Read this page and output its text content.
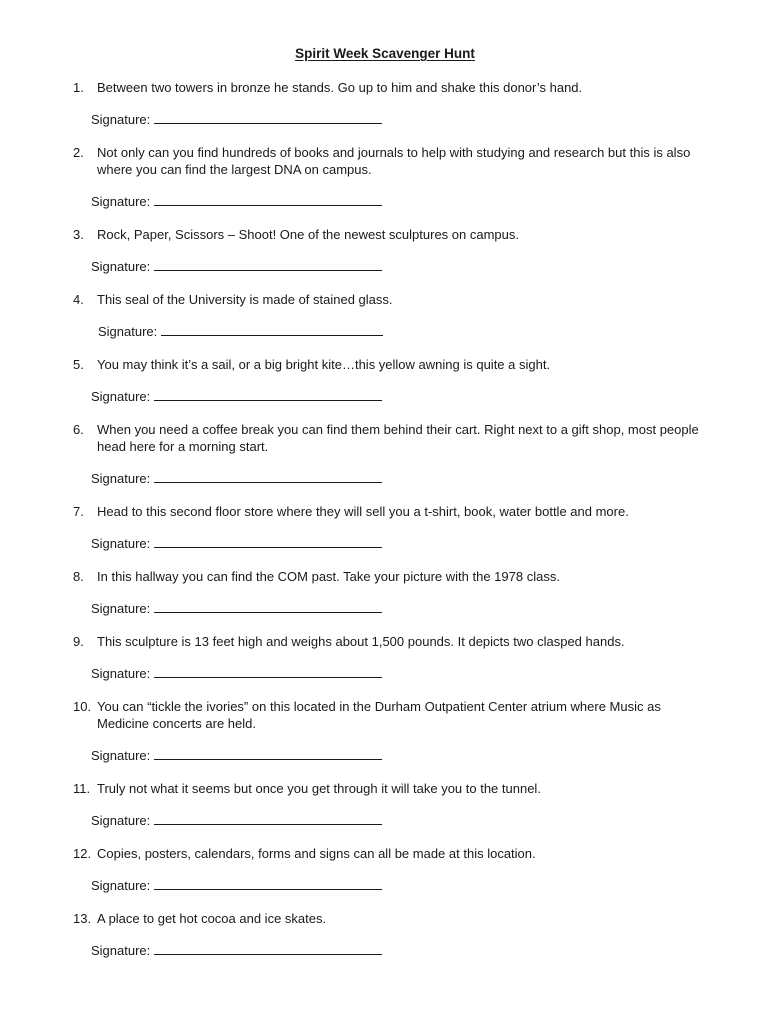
Spirit Week Scavenger Hunt
1.	Between two towers in bronze he stands. Go up to him and shake this donor’s hand.
Signature:
2.	Not only can you find hundreds of books and journals to help with studying and research but this is also where you can find the largest DNA on campus.
Signature:
3.	Rock, Paper, Scissors – Shoot! One of the newest sculptures on campus.
Signature:
4.	This seal of the University is made of stained glass.
Signature:
5.	You may think it’s a sail, or a big bright kite…this yellow awning is quite a sight.
Signature:
6.	When you need a coffee break you can find them behind their cart. Right next to a gift shop, most people head here for a morning start.
Signature:
7.	Head to this second floor store where they will sell you a t-shirt, book, water bottle and more.
Signature:
8.	In this hallway you can find the COM past. Take your picture with the 1978 class.
Signature:
9.	This sculpture is 13 feet high and weighs about 1,500 pounds. It depicts two clasped hands.
Signature:
10. You can “tickle the ivories” on this located in the Durham Outpatient Center atrium where Music as Medicine concerts are held.
Signature:
11. Truly not what it seems but once you get through it will take you to the tunnel.
Signature:
12. Copies, posters, calendars, forms and signs can all be made at this location.
Signature:
13. A place to get hot cocoa and ice skates.
Signature:
